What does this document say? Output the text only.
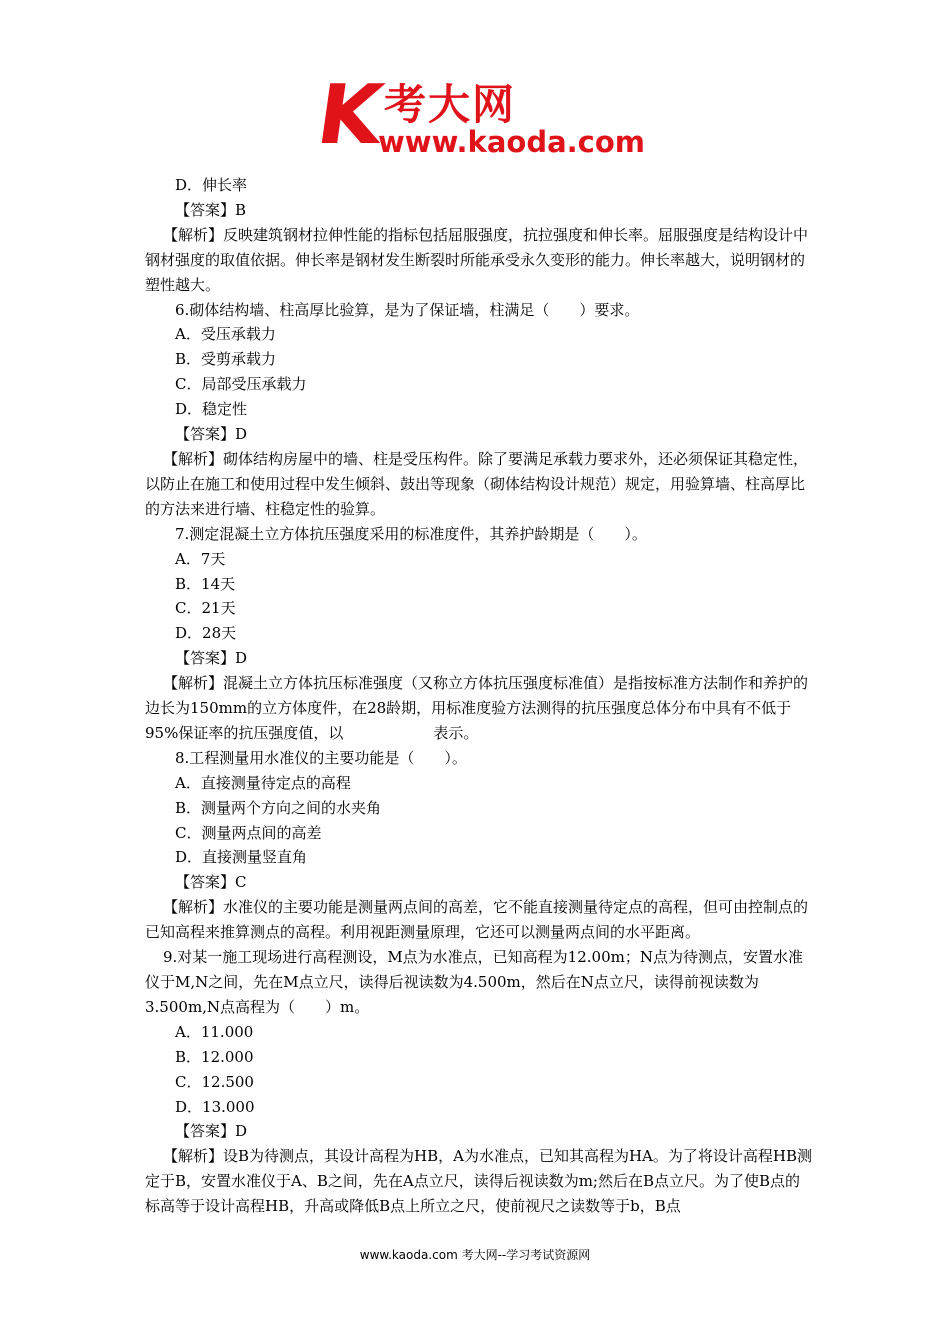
K 考大网
www.kaoda.com

D．伸长率

【答案】B

【解析】反映建筑钢材拉伸性能的指标包括屈服强度，抗拉强度和伸长率。屈服强度是结构设计中钢材强度的取值依据。伸长率是钢材发生断裂时所能承受永久变形的能力。伸长率越大，说明钢材的塑性越大。

6.砌体结构墙、柱高厚比验算，是为了保证墙，柱满足（　　）要求。

A．受压承载力

B．受剪承载力

C．局部受压承载力

D．稳定性

【答案】D

【解析】砌体结构房屋中的墙、柱是受压构件。除了要满足承载力要求外，还必须保证其稳定性，以防止在施工和使用过程中发生倾斜、鼓出等现象（砌体结构设计规范）规定，用验算墙、柱高厚比的方法来进行墙、柱稳定性的验算。

7.测定混凝土立方体抗压强度采用的标准度件，其养护龄期是（　　）。

A．7天

B．14天

C．21天

D．28天

【答案】D

【解析】混凝土立方体抗压标准强度（又称立方体抗压强度标准值）是指按标准方法制作和养护的边长为150mm的立方体度件，在28龄期，用标准度验方法测得的抗压强度总体分布中具有不低于95%保证率的抗压强度值，以　　　　　　表示。

8.工程测量用水准仪的主要功能是（　　）。

A．直接测量待定点的高程

B．测量两个方向之间的水夹角

C．测量两点间的高差

D．直接测量竖直角

【答案】C

【解析】水准仪的主要功能是测量两点间的高差，它不能直接测量待定点的高程，但可由控制点的已知高程来推算测点的高程。利用视距测量原理，它还可以测量两点间的水平距离。

9.对某一施工现场进行高程测设，M点为水准点，已知高程为12.00m；N点为待测点，安置水准仪于M,N之间，先在M点立尺，读得后视读数为4.500m，然后在N点立尺，读得前视读数为3.500m,N点高程为（　　）m。

A．11.000

B．12.000

C．12.500

D．13.000

【答案】D

【解析】设B为待测点，其设计高程为HB，A为水准点，已知其高程为HA。为了将设计高程HB测定于B，安置水准仪于A、B之间，先在A点立尺，读得后视读数为m;然后在B点立尺。为了使B点的标高等于设计高程HB，升高或降低B点上所立之尺，使前视尺之读数等于b，B点

www.kaoda.com 考大网--学习考试资源网
